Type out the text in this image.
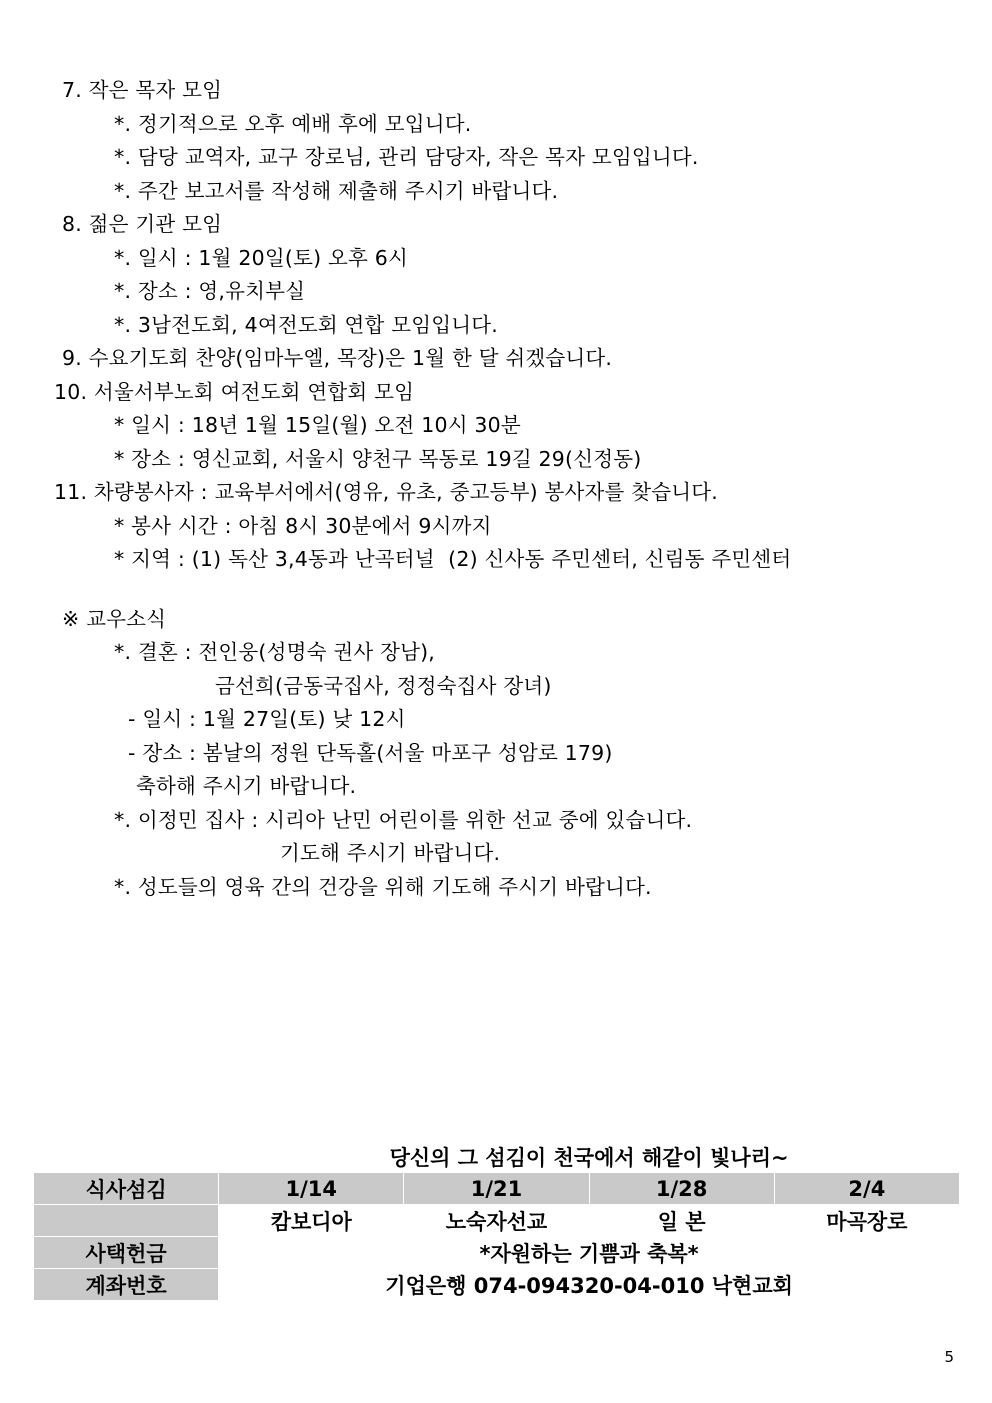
7. 작은 목자 모임
*. 정기적으로 오후 예배 후에 모입니다.
*. 담당 교역자, 교구 장로님, 관리 담당자, 작은 목자 모임입니다.
*. 주간 보고서를 작성해 제출해 주시기 바랍니다.
8. 젊은 기관 모임
*. 일시 : 1월 20일(토) 오후 6시
*. 장소 : 영,유치부실
*. 3남전도회, 4여전도회 연합 모임입니다.
9. 수요기도회 찬양(임마누엘, 목장)은 1월 한 달 쉬겠습니다.
10. 서울서부노회 여전도회 연합회 모임
* 일시 : 18년 1월 15일(월) 오전 10시 30분
* 장소 : 영신교회, 서울시 양천구 목동로 19길 29(신정동)
11. 차량봉사자 : 교육부서에서(영유, 유초, 중고등부) 봉사자를 찾습니다.
* 봉사 시간 : 아침 8시 30분에서 9시까지
* 지역 : (1) 독산 3,4동과 난곡터널  (2) 신사동 주민센터, 신림동 주민센터
※ 교우소식
*. 결혼 : 전인웅(성명숙 권사 장남),
금선희(금동국집사, 정정숙집사 장녀)
- 일시 : 1월 27일(토) 낮 12시
- 장소 : 봄날의 정원 단독홀(서울 마포구 성암로 179)
축하해 주시기 바랍니다.
*. 이정민 집사 : 시리아 난민 어린이를 위한 선교 중에 있습니다.
기도해 주시기 바랍니다.
*. 성도들의 영육 간의 건강을 위해 기도해 주시기 바랍니다.
	당신의 그 섬김이 천국에서 해같이 빛나리~			
식사섬김	1/14	1/21	1/28	2/4
	캄보디아	노숙자선교	일 본	마곡장로
사택헌금	*자원하는 기쁨과 축복*			
계좌번호	기업은행 074-094320-04-010 낙현교회			
5
